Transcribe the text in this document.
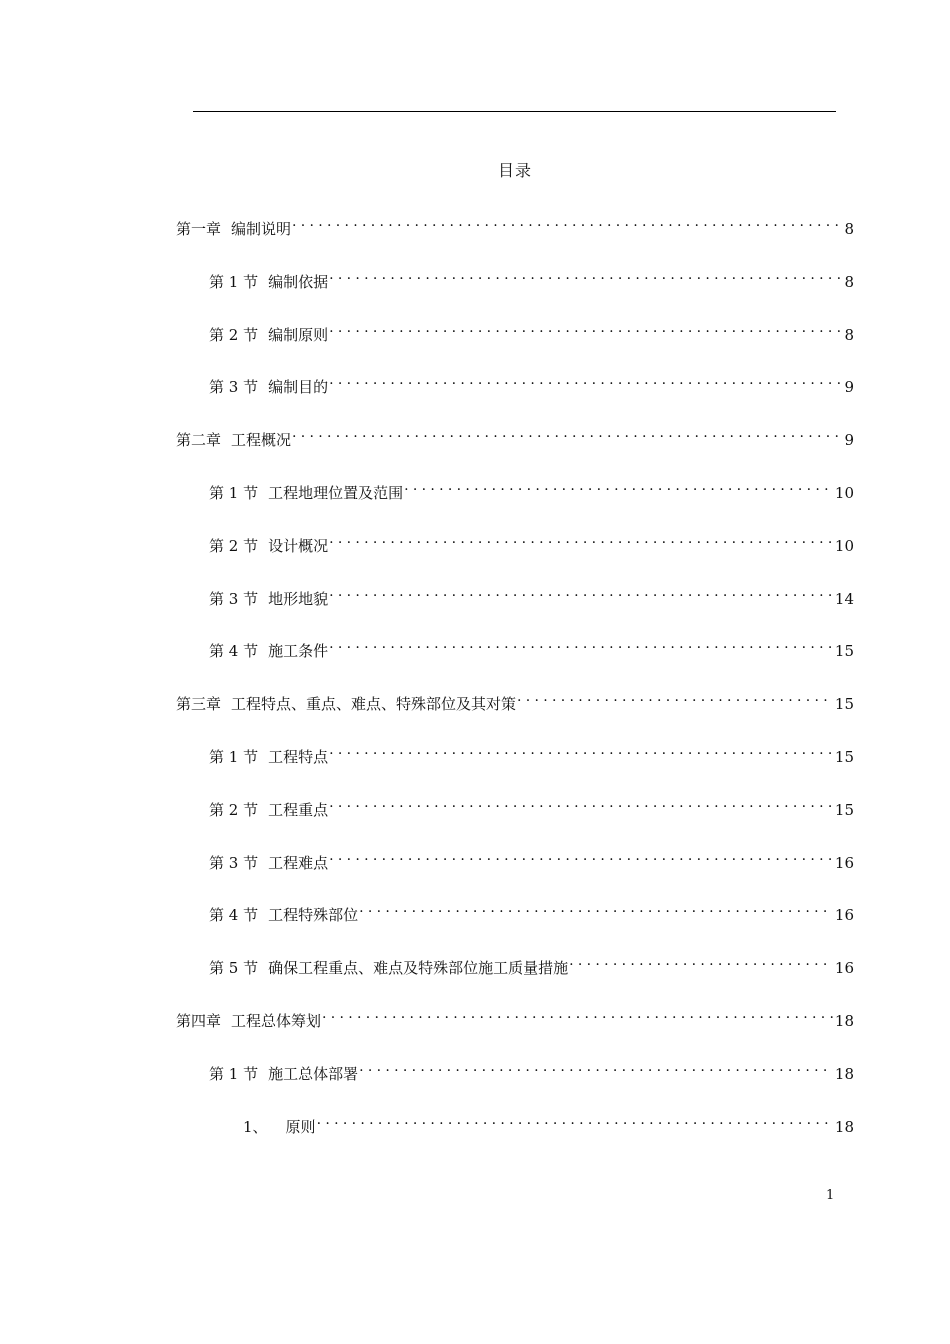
目录
第一章 编制说明 .....	8
第 1 节 编制依据 .....	8
第 2 节 编制原则 .....	8
第 3 节 编制目的 .....	9
第二章 工程概况 .....	9
第 1 节 工程地理位置及范围 .....	10
第 2 节 设计概况 .....	10
第 3 节 地形地貌 .....	14
第 4 节 施工条件 .....	15
第三章 工程特点、重点、难点、特殊部位及其对策 .....	15
第 1 节 工程特点 .....	15
第 2 节 工程重点 .....	15
第 3 节 工程难点 .....	16
第 4 节 工程特殊部位 .....	16
第 5 节 确保工程重点、难点及特殊部位施工质量措施 .....	16
第四章 工程总体筹划 .....	18
第 1 节 施工总体部署 .....	18
1、 原则 .....	18
1
